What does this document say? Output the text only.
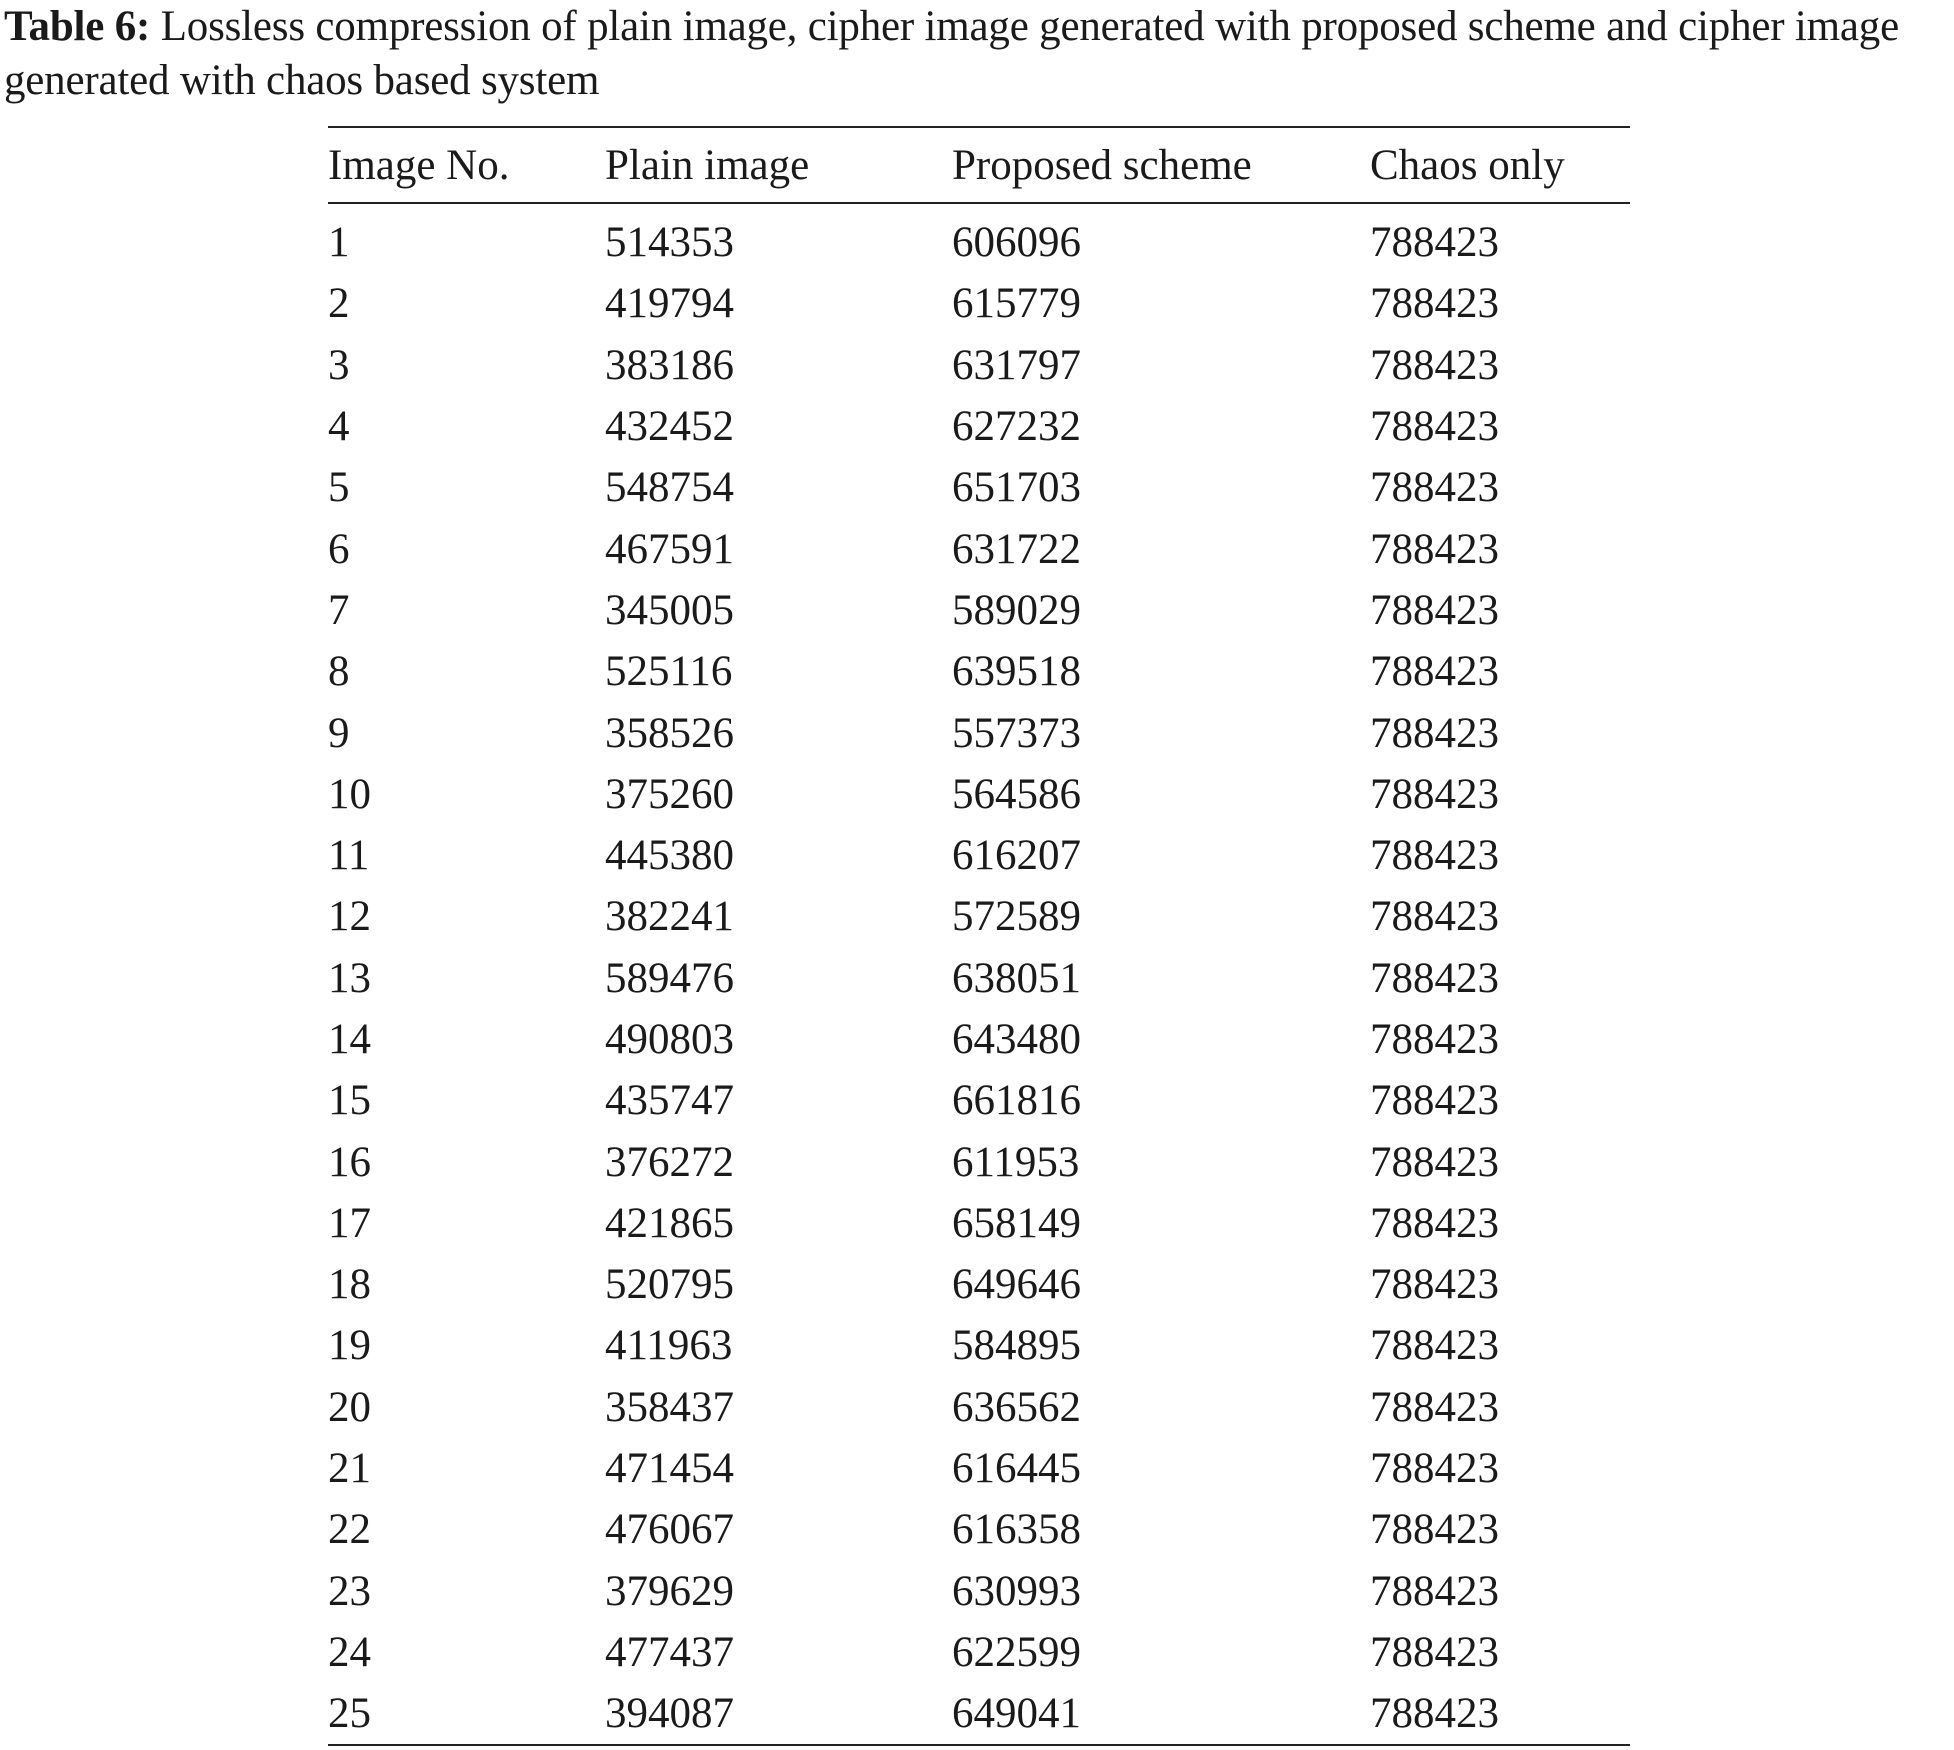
Table 6: Lossless compression of plain image, cipher image generated with proposed scheme and cipher image generated with chaos based system
Image No.	Plain image	Proposed scheme	Chaos only
1	514353	606096	788423
2	419794	615779	788423
3	383186	631797	788423
4	432452	627232	788423
5	548754	651703	788423
6	467591	631722	788423
7	345005	589029	788423
8	525116	639518	788423
9	358526	557373	788423
10	375260	564586	788423
11	445380	616207	788423
12	382241	572589	788423
13	589476	638051	788423
14	490803	643480	788423
15	435747	661816	788423
16	376272	611953	788423
17	421865	658149	788423
18	520795	649646	788423
19	411963	584895	788423
20	358437	636562	788423
21	471454	616445	788423
22	476067	616358	788423
23	379629	630993	788423
24	477437	622599	788423
25	394087	649041	788423
